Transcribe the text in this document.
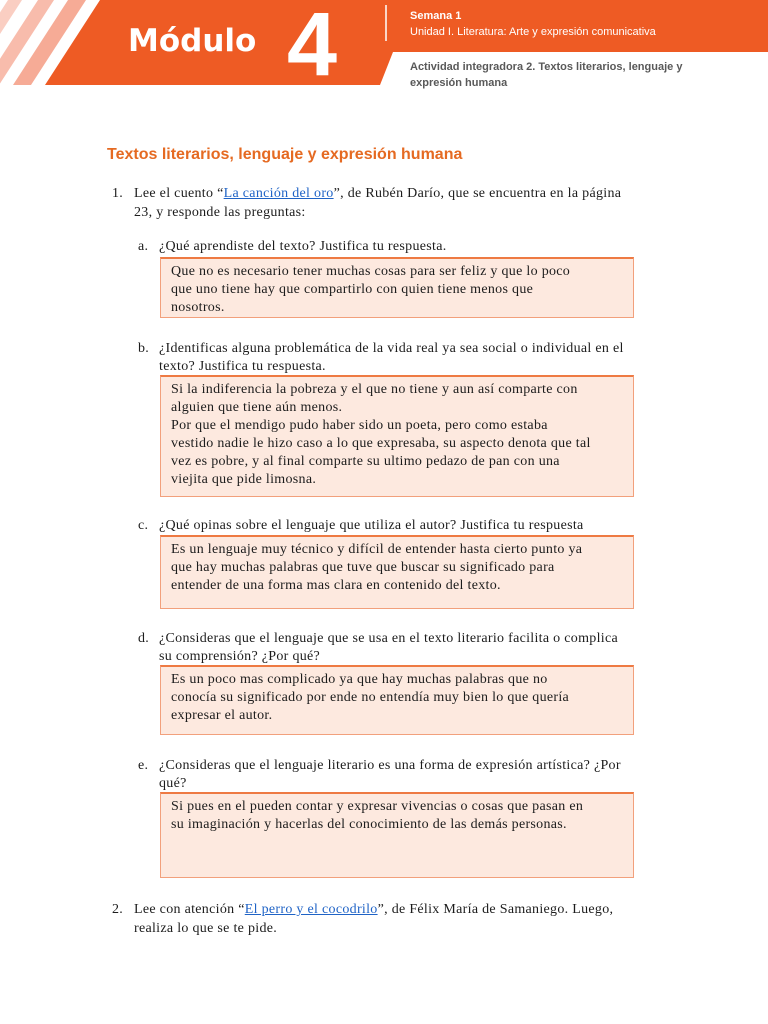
Módulo 4	Semana 1
Unidad I. Literatura: Arte y expresión comunicativa
Actividad integradora 2. Textos literarios, lenguaje y
expresión humana
Textos literarios, lenguaje y expresión humana
1. Lee el cuento “La canción del oro”, de Rubén Darío, que se encuentra en la página
23, y responde las preguntas:
a. ¿Qué aprendiste del texto? Justifica tu respuesta.
Que no es necesario tener muchas cosas para ser feliz y que lo poco
que uno tiene hay que compartirlo con quien tiene menos que
nosotros.
b. ¿Identificas alguna problemática de la vida real ya sea social o individual en el
texto? Justifica tu respuesta.
Si la indiferencia la pobreza y el que no tiene y aun así comparte con
alguien que tiene aún menos.
Por que el mendigo pudo haber sido un poeta, pero como estaba
vestido nadie le hizo caso a lo que expresaba, su aspecto denota que tal
vez es pobre, y al final comparte su ultimo pedazo de pan con una
viejita que pide limosna.
c. ¿Qué opinas sobre el lenguaje que utiliza el autor? Justifica tu respuesta
Es un lenguaje muy técnico y difícil de entender hasta cierto punto ya
que hay muchas palabras que tuve que buscar su significado para
entender de una forma mas clara en contenido del texto.
d. ¿Consideras que el lenguaje que se usa en el texto literario facilita o complica
su comprensión? ¿Por qué?
Es un poco mas complicado ya que hay muchas palabras que no
conocía su significado por ende no entendía muy bien lo que quería
expresar el autor.
e. ¿Consideras que el lenguaje literario es una forma de expresión artística? ¿Por
qué?
Si pues en el pueden contar y expresar vivencias o cosas que pasan en
su imaginación y hacerlas del conocimiento de las demás personas.
2. Lee con atención “El perro y el cocodrilo”, de Félix María de Samaniego. Luego,
realiza lo que se te pide.
